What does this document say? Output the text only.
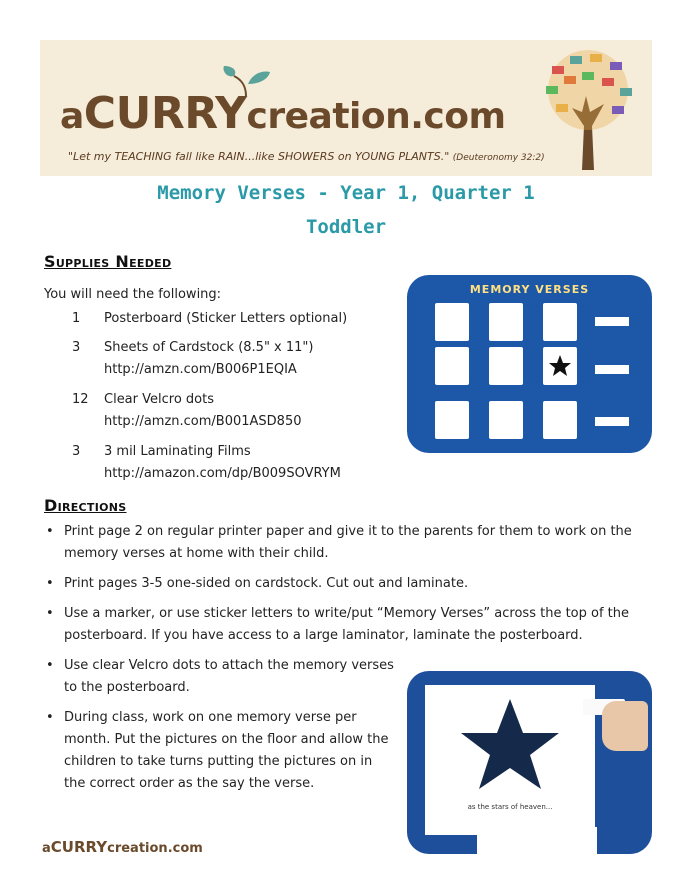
aCURRYcreation.com
"Let my TEACHING fall like RAIN...like SHOWERS on YOUNG PLANTS." (Deuteronomy 32:2)
Memory Verses - Year 1, Quarter 1
Toddler
Supplies Needed
You will need the following:
1	Posterboard (Sticker Letters optional)
3	Sheets of Cardstock (8.5" x 11")
http://amzn.com/B006P1EQIA
12 Clear Velcro dots
http://amzn.com/B001ASD850
3	3 mil Laminating Films
http://amazon.com/dp/B009SOVRYM
MEMORY VERSES
Directions
• Print page 2 on regular printer paper and give it to the parents for them to work on the memory verses at home with their child.
• Print pages 3-5 one-sided on cardstock. Cut out and laminate.
• Use a marker, or use sticker letters to write/put “Memory Verses” across the top of the posterboard. If you have access to a large laminator, laminate the posterboard.
• Use clear Velcro dots to attach the memory verses to the posterboard.
• During class, work on one memory verse per month. Put the pictures on the floor and allow the children to take turns putting the pictures on in the correct order as the say the verse.
as the stars of heaven...
aCURRYcreation.com
